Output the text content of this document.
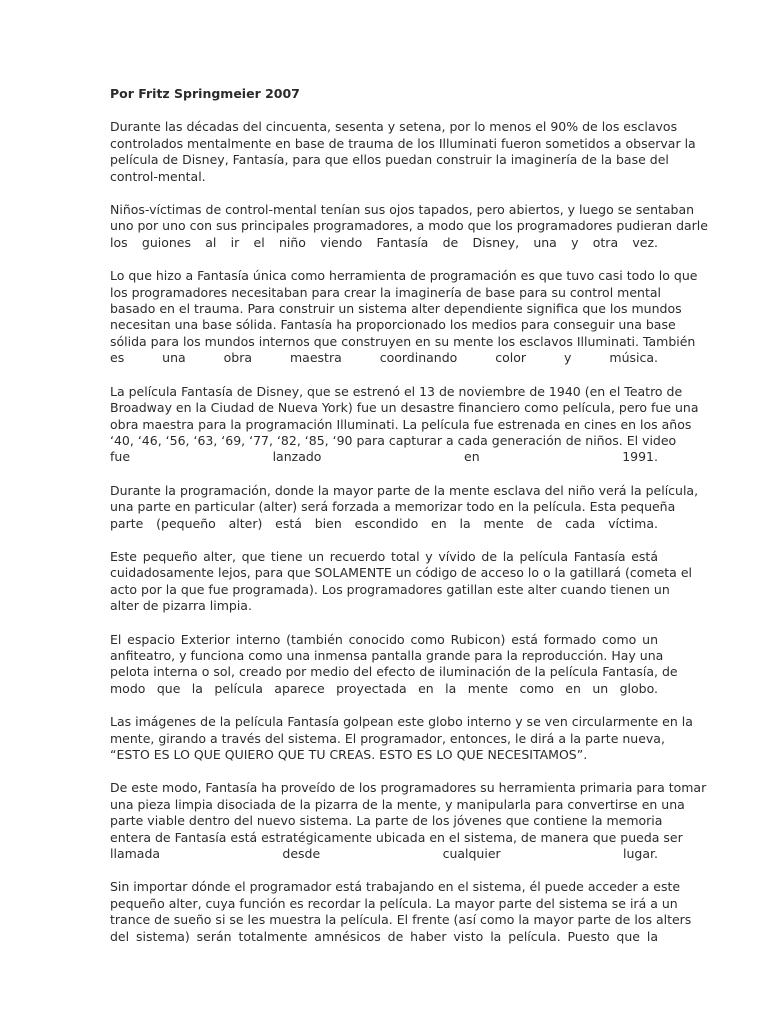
Por Fritz Springmeier 2007
Durante las décadas del cincuenta, sesenta y setena, por lo menos el 90% de los esclavos
controlados mentalmente en base de trauma de los Illuminati fueron sometidos a observar la
película de Disney, Fantasía, para que ellos puedan construir la imaginería de la base del
control-mental.
Niños-víctimas de control-mental tenían sus ojos tapados, pero abiertos, y luego se sentaban
uno por uno con sus principales programadores, a modo que los programadores pudieran darle
los guiones al ir el niño viendo Fantasía de Disney, una y otra vez.
Lo que hizo a Fantasía única como herramienta de programación es que tuvo casi todo lo que
los programadores necesitaban para crear la imaginería de base para su control mental
basado en el trauma. Para construir un sistema alter dependiente significa que los mundos
necesitan una base sólida. Fantasía ha proporcionado los medios para conseguir una base
sólida para los mundos internos que construyen en su mente los esclavos Illuminati. También
es una obra maestra coordinando color y música.
La película Fantasía de Disney, que se estrenó el 13 de noviembre de 1940 (en el Teatro de
Broadway en la Ciudad de Nueva York) fue un desastre financiero como película, pero fue una
obra maestra para la programación Illuminati. La película fue estrenada en cines en los años
‘40, ‘46, ‘56, ‘63, ‘69, ‘77, ‘82, ‘85, ‘90 para capturar a cada generación de niños. El video
fue lanzado en 1991.
Durante la programación, donde la mayor parte de la mente esclava del niño verá la película,
una parte en particular (alter) será forzada a memorizar todo en la película. Esta pequeña
parte (pequeño alter) está bien escondido en la mente de cada víctima.
Este pequeño alter, que tiene un recuerdo total y vívido de la película Fantasía está
cuidadosamente lejos, para que SOLAMENTE un código de acceso lo o la gatillará (cometa el
acto por la que fue programada). Los programadores gatillan este alter cuando tienen un
alter de pizarra limpia.
El espacio Exterior interno (también conocido como Rubicon) está formado como un
anfiteatro, y funciona como una inmensa pantalla grande para la reproducción. Hay una
pelota interna o sol, creado por medio del efecto de iluminación de la película Fantasía, de
modo que la película aparece proyectada en la mente como en un globo.
Las imágenes de la película Fantasía golpean este globo interno y se ven circularmente en la
mente, girando a través del sistema. El programador, entonces, le dirá a la parte nueva,
“ESTO ES LO QUE QUIERO QUE TU CREAS. ESTO ES LO QUE NECESITAMOS”.
De este modo, Fantasía ha proveído de los programadores su herramienta primaria para tomar
una pieza limpia disociada de la pizarra de la mente, y manipularla para convertirse en una
parte viable dentro del nuevo sistema. La parte de los jóvenes que contiene la memoria
entera de Fantasía está estratégicamente ubicada en el sistema, de manera que pueda ser
llamada desde cualquier lugar.
Sin importar dónde el programador está trabajando en el sistema, él puede acceder a este
pequeño alter, cuya función es recordar la película. La mayor parte del sistema se irá a un
trance de sueño si se les muestra la película. El frente (así como la mayor parte de los alters
del sistema) serán totalmente amnésicos de haber visto la película. Puesto que la
